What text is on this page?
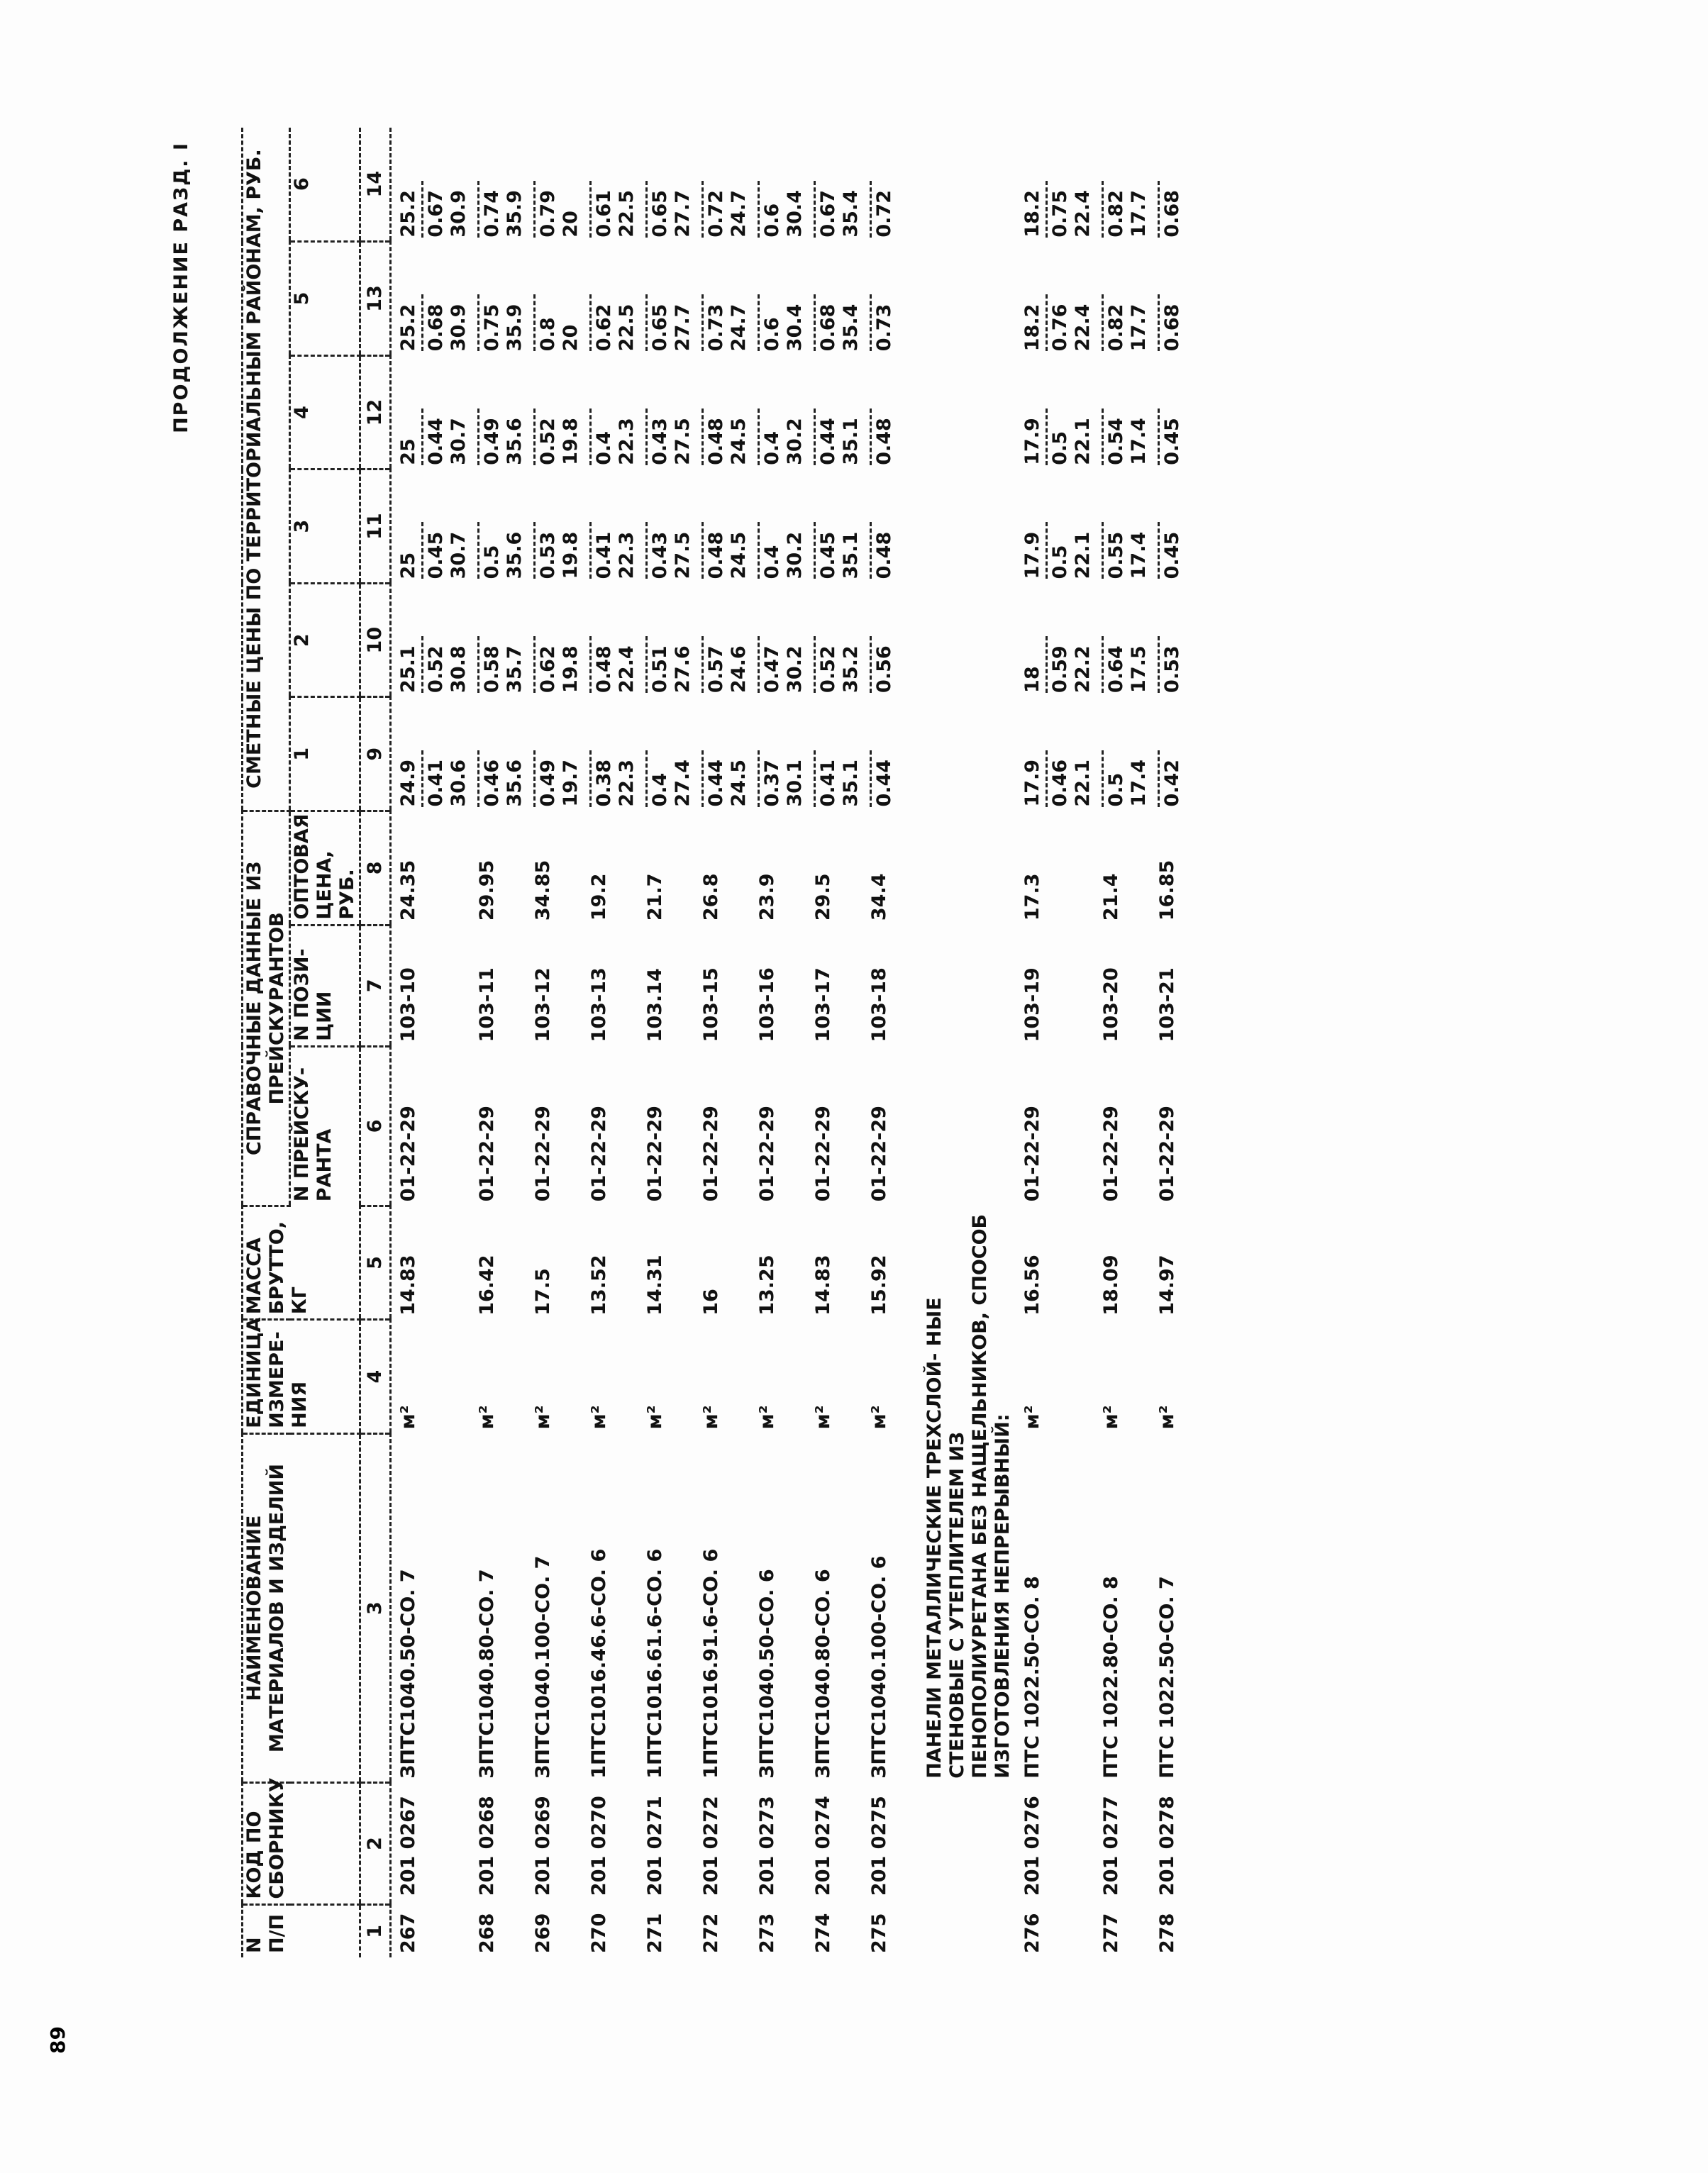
ПРОДОЛЖЕНИЕ РАЗД. I
N П/П	КОД ПО СБОРНИКУ	НАИМЕНОВАНИЕ МАТЕРИАЛОВ И ИЗДЕЛИЙ	ЕДИНИЦА ИЗМЕРЕ- НИЯ	МАССА БРУТТО, КГ	СПРАВОЧНЫЕ ДАННЫЕ ИЗ ПРЕЙСКУРАНТОВ			СМЕТНЫЕ ЦЕНЫ ПО ТЕРРИТОРИАЛЬНЫМ РАЙОНАМ, РУБ.					
					N ПРЕЙСКУ- РАНТА	N ПОЗИ- ЦИИ	ОПТОВАЯ ЦЕНА, РУБ.	1	2	3	4	5	6
1	2	3	4	5	6	7	8	9	10	11	12	13	14
267	201 0267	ЗПТС1040.50-СО. 7	м²	14.83	01-22-29	103-10	24.35	24.9 0.41 30.6	25.1 0.52 30.8	25 0.45 30.7	25 0.44 30.7	25.2 0.68 30.9	25.2 0.67 30.9

268	201 0268	ЗПТС1040.80-СО. 7	м²	16.42	01-22-29	103-11	29.95	0.46 35.6	0.58 35.7	0.5 35.6	0.49 35.6	0.75 35.9	0.74 35.9

269	201 0269	ЗПТС1040.100-СО. 7	м²	17.5	01-22-29	103-12	34.85	0.49 19.7	0.62 19.8	0.53 19.8	0.52 19.8	0.8 20	0.79 20

270	201 0270	1ПТС1016.46.6-СО. 6	м²	13.52	01-22-29	103-13	19.2	0.38 22.3	0.48 22.4	0.41 22.3	0.4 22.3	0.62 22.5	0.61 22.5

271	201 0271	1ПТС1016.61.6-СО. 6	м²	14.31	01-22-29	103.14	21.7	0.4 27.4	0.51 27.6	0.43 27.5	0.43 27.5	0.65 27.7	0.65 27.7

272	201 0272	1ПТС1016.91.6-СО. 6	м²	16	01-22-29	103-15	26.8	0.44 24.5	0.57 24.6	0.48 24.5	0.48 24.5	0.73 24.7	0.72 24.7

273	201 0273	ЗПТС1040.50-СО. 6	м²	13.25	01-22-29	103-16	23.9	0.37 30.1	0.47 30.2	0.4 30.2	0.4 30.2	0.6 30.4	0.6 30.4

274	201 0274	ЗПТС1040.80-СО. 6	м²	14.83	01-22-29	103-17	29.5	0.41 35.1	0.52 35.2	0.45 35.1	0.44 35.1	0.68 35.4	0.67 35.4

275	201 0275	ЗПТС1040.100-СО. 6	м²	15.92	01-22-29	103-18	34.4	0.44	0.56	0.48	0.48	0.73	0.72

		ПАНЕЛИ МЕТАЛЛИЧЕСКИЕ ТРЕХСЛОЙ- НЫЕ СТЕНОВЫЕ С УТЕПЛИТЕЛЕМ ИЗ ПЕНОПОЛИУРЕТАНА БЕЗ НАЩЕЛЬНИКОВ, СПОСОБ ИЗГОТОВЛЕНИЯ НЕПРЕРЫВНЫЙ:											
276	201 0276	ПТС 1022.50-СО. 8	м²	16.56	01-22-29	103-19	17.3	17.9 0.46 22.1	18 0.59 22.2	17.9 0.5 22.1	17.9 0.5 22.1	18.2 0.76 22.4	18.2 0.75 22.4

277	201 0277	ПТС 1022.80-СО. 8	м²	18.09	01-22-29	103-20	21.4	0.5 17.4	0.64 17.5	0.55 17.4	0.54 17.4	0.82 17.7	0.82 17.7

278	201 0278	ПТС 1022.50-СО. 7	м²	14.97	01-22-29	103-21	16.85	0.42	0.53	0.45	0.45	0.68	0.68
89
